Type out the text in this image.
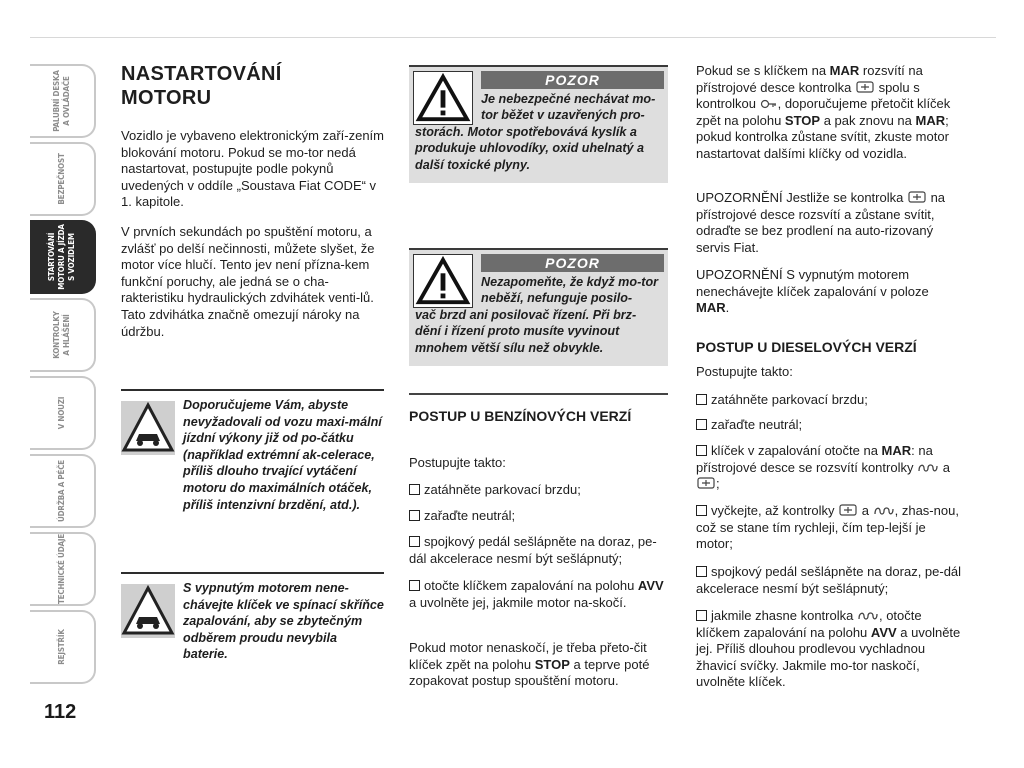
PALUBNÍ DESKA
A OVLÁDAČE
BEZPEČNOST
STARTOVÁNÍ
MOTORU A JÍZDA
S VOZIDLEM
KONTROLKY
A HLÁŠENÍ
V NOUZI
ÚDRŽBA A PÉČE
TECHNICKÉ ÚDAJE
REJSTŘÍK
112
NASTARTOVÁNÍ
MOTORU

Vozidlo je vybaveno elektronickým zaří-zením blokování motoru. Pokud se mo-tor nedá nastartovat, postupujte podle pokynů uvedených v oddíle „Soustava Fiat CODE“ v 1. kapitole.

V prvních sekundách po spuštění motoru, a zvlášť po delší nečinnosti, můžete slyšet, že motor více hlučí. Tento jev není přízna-kem funkční poruchy, ale jedná se o cha-rakteristiku hydraulických zdvihátek venti-lů. Tato zdvihátka značně omezují nároky na údržbu.

Doporučujeme Vám, abyste nevyžadovali od vozu maxi-mální jízdní výkony již od po-čátku (například extrémní ak-celerace, příliš dlouho trvající vytáčení motoru do maximálních otáček, příliš intenzivní brzdění, atd.).

S vypnutým motorem nene-chávejte klíček ve spínací skříňce zapalování, aby se zbytečným odběrem proudu nevybila baterie.

POZOR

Je nebezpečné nechávat mo-tor běžet v uzavřených pro-
storách. Motor spotřebovává kyslík a produkuje uhlovodíky, oxid uhelnatý a další toxické plyny.

POZOR

Nezapomeňte, že když mo-tor neběží, nefunguje posilo-
vač brzd ani posilovač řízení. Při brz-dění i řízení proto musíte vyvinout mnohem větší sílu než obvykle.

POSTUP U BENZÍNOVÝCH VERZÍ

Postupujte takto:

zatáhněte parkovací brzdu;
zařaďte neutrál;
spojkový pedál sešlápněte na doraz, pe-dál akcelerace nesmí být sešlápnutý;
otočte klíčkem zapalování na polohu AVV a uvolněte jej, jakmile motor na-skočí.

Pokud motor nenaskočí, je třeba přeto-čit klíček zpět na polohu STOP a teprve poté zopakovat postup spouštění motoru.

Pokud se s klíčkem na MAR rozsvítí na přístrojové desce kontrolka  spolu s kontrolkou , doporučujeme přetočit klíček zpět na polohu STOP a pak znovu na MAR; pokud kontrolka zůstane svítit, zkuste motor nastartovat dalšími klíčky od vozidla.

UPOZORNĚNÍ Jestliže se kontrolka  na přístrojové desce rozsvítí a zůstane svítit, odraďte se bez prodlení na auto-rizovaný servis Fiat.

UPOZORNĚNÍ S vypnutým motorem nenechávejte klíček zapalování v poloze MAR.

POSTUP U DIESELOVÝCH VERZÍ

Postupujte takto:

zatáhněte parkovací brzdu;
zařaďte neutrál;
klíček v zapalování otočte na MAR: na přístrojové desce se rozsvítí kontrolky  a ;
vyčkejte, až kontrolky  a , zhas-nou, což se stane tím rychleji, čím tep-lejší je motor;
spojkový pedál sešlápněte na doraz, pe-dál akcelerace nesmí být sešlápnutý;
jakmile zhasne kontrolka , otočte klíčkem zapalování na polohu AVV a uvolněte jej. Příliš dlouhou prodlevou vychladnou žhavicí svíčky. Jakmile mo-tor naskočí, uvolněte klíček.
